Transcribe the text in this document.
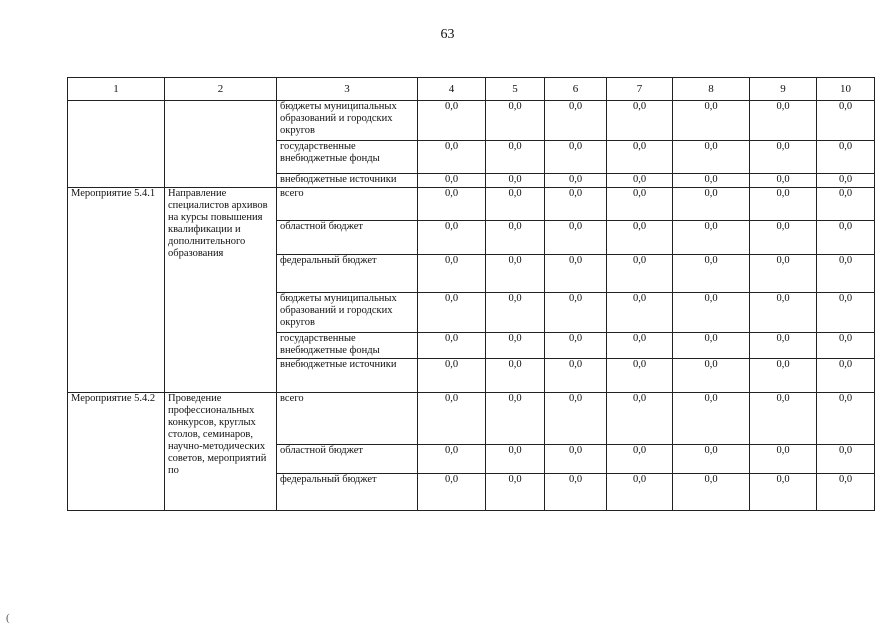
63
1	2	3	4	5	6	7	8	9	10
		бюджеты муниципальных образований и городских округов	0,0	0,0	0,0	0,0	0,0	0,0	0,0
		государственные внебюджетные фонды	0,0	0,0	0,0	0,0	0,0	0,0	0,0
		внебюджетные источники	0,0	0,0	0,0	0,0	0,0	0,0	0,0
Мероприятие 5.4.1	Направление специалистов архивов на курсы повышения квалификации и дополнительного образования	всего	0,0	0,0	0,0	0,0	0,0	0,0	0,0
		областной бюджет	0,0	0,0	0,0	0,0	0,0	0,0	0,0
		федеральный бюджет	0,0	0,0	0,0	0,0	0,0	0,0	0,0
		бюджеты муниципальных образований и городских округов	0,0	0,0	0,0	0,0	0,0	0,0	0,0
		государственные внебюджетные фонды	0,0	0,0	0,0	0,0	0,0	0,0	0,0
		внебюджетные источники	0,0	0,0	0,0	0,0	0,0	0,0	0,0
Мероприятие 5.4.2	Проведение профессиональных конкурсов, круглых столов, семинаров, научно-методических советов, мероприятий по	всего	0,0	0,0	0,0	0,0	0,0	0,0	0,0
		областной бюджет	0,0	0,0	0,0	0,0	0,0	0,0	0,0
		федеральный бюджет	0,0	0,0	0,0	0,0	0,0	0,0	0,0
(
